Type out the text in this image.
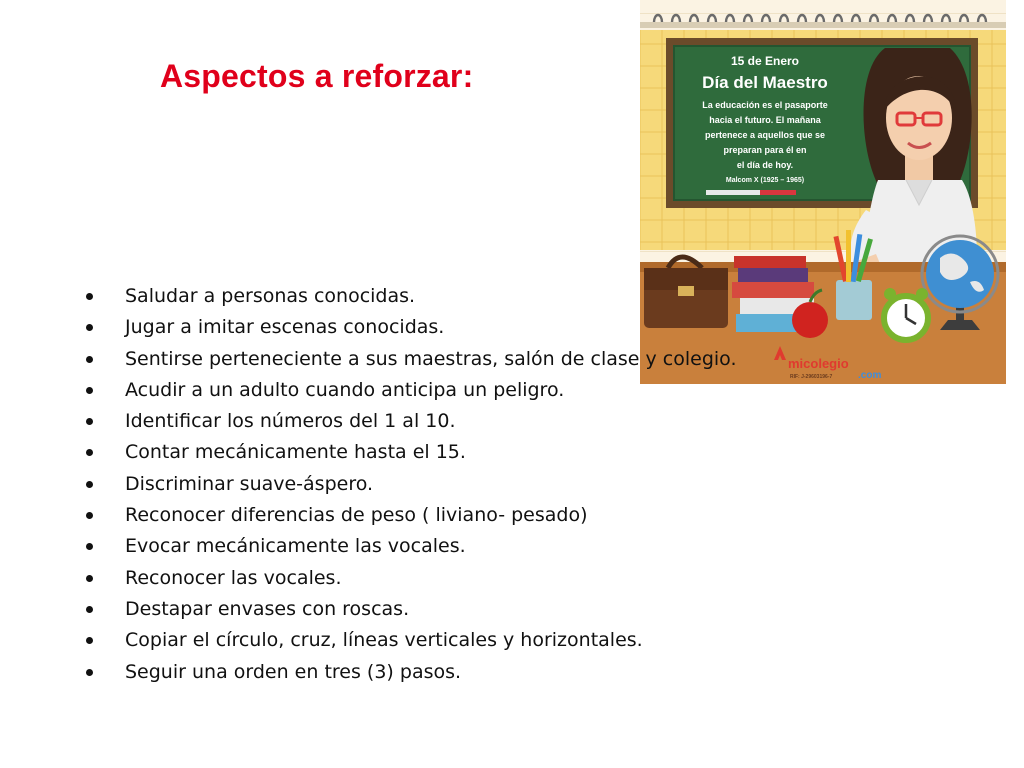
Aspectos a reforzar:	15 de Enero
Día del Maestro
La educación es el pasaporte
hacia el futuro. El mañana
pertenece a aquellos que se
preparan para él en
el día de hoy.
Malcom X (1925 – 1965)
micolegio
.com
RIF: J-29603196-7
Saludar a personas conocidas.
Jugar a imitar escenas conocidas.
Sentirse perteneciente a sus maestras, salón de clase y colegio.
Acudir a un adulto cuando anticipa un peligro.
Identificar los números del 1 al 10.
Contar mecánicamente hasta el 15.
Discriminar suave-áspero.
Reconocer diferencias de peso ( liviano- pesado)
Evocar mecánicamente las vocales.
Reconocer las vocales.
Destapar envases con roscas.
Copiar el círculo, cruz, líneas verticales y horizontales.
Seguir una orden en tres (3) pasos.
